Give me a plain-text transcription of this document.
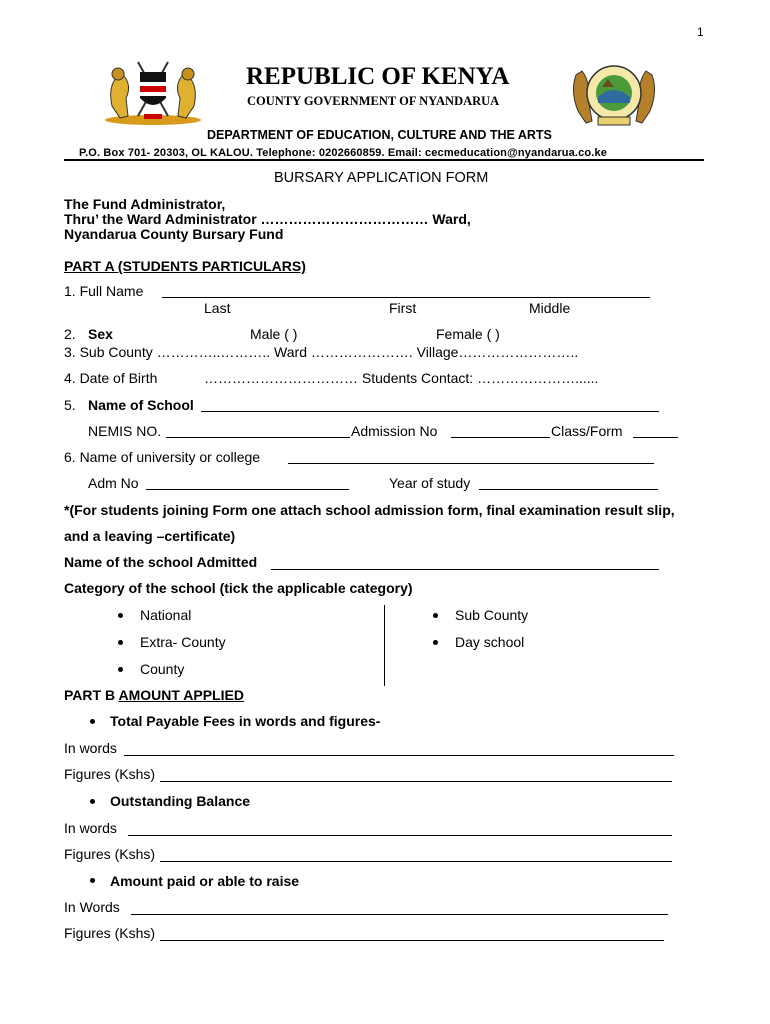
1
REPUBLIC OF KENYA
COUNTY GOVERNMENT OF NYANDARUA
DEPARTMENT OF EDUCATION, CULTURE AND THE ARTS
P.O. Box 701- 20303, OL KALOU. Telephone: 0202660859. Email: cecmeducation@nyandarua.co.ke
BURSARY APPLICATION FORM
The Fund Administrator,
Thru’ the Ward Administrator ……………………………… Ward,
Nyandarua County Bursary Fund
PART A (STUDENTS PARTICULARS)
1. Full Name
Last	First	Middle
2. Sex	Male ( )	Female ( )
3. Sub County …………..……….. Ward …………………. Village……………………..
4. Date of Birth	…………………………… Students Contact: …………………......
5. Name of School
NEMIS NO.	Admission No	Class/Form
6. Name of university or college
Adm No	Year of study
*(For students joining Form one attach school admission form, final examination result slip,
and a leaving –certificate)
Name of the school Admitted
Category of the school (tick the applicable category)
National
Extra- County
County
Sub County
Day school
PART B AMOUNT APPLIED
Total Payable Fees in words and figures-
In words
Figures (Kshs)
Outstanding Balance
In words
Figures (Kshs)
Amount paid or able to raise
In Words
Figures (Kshs)
